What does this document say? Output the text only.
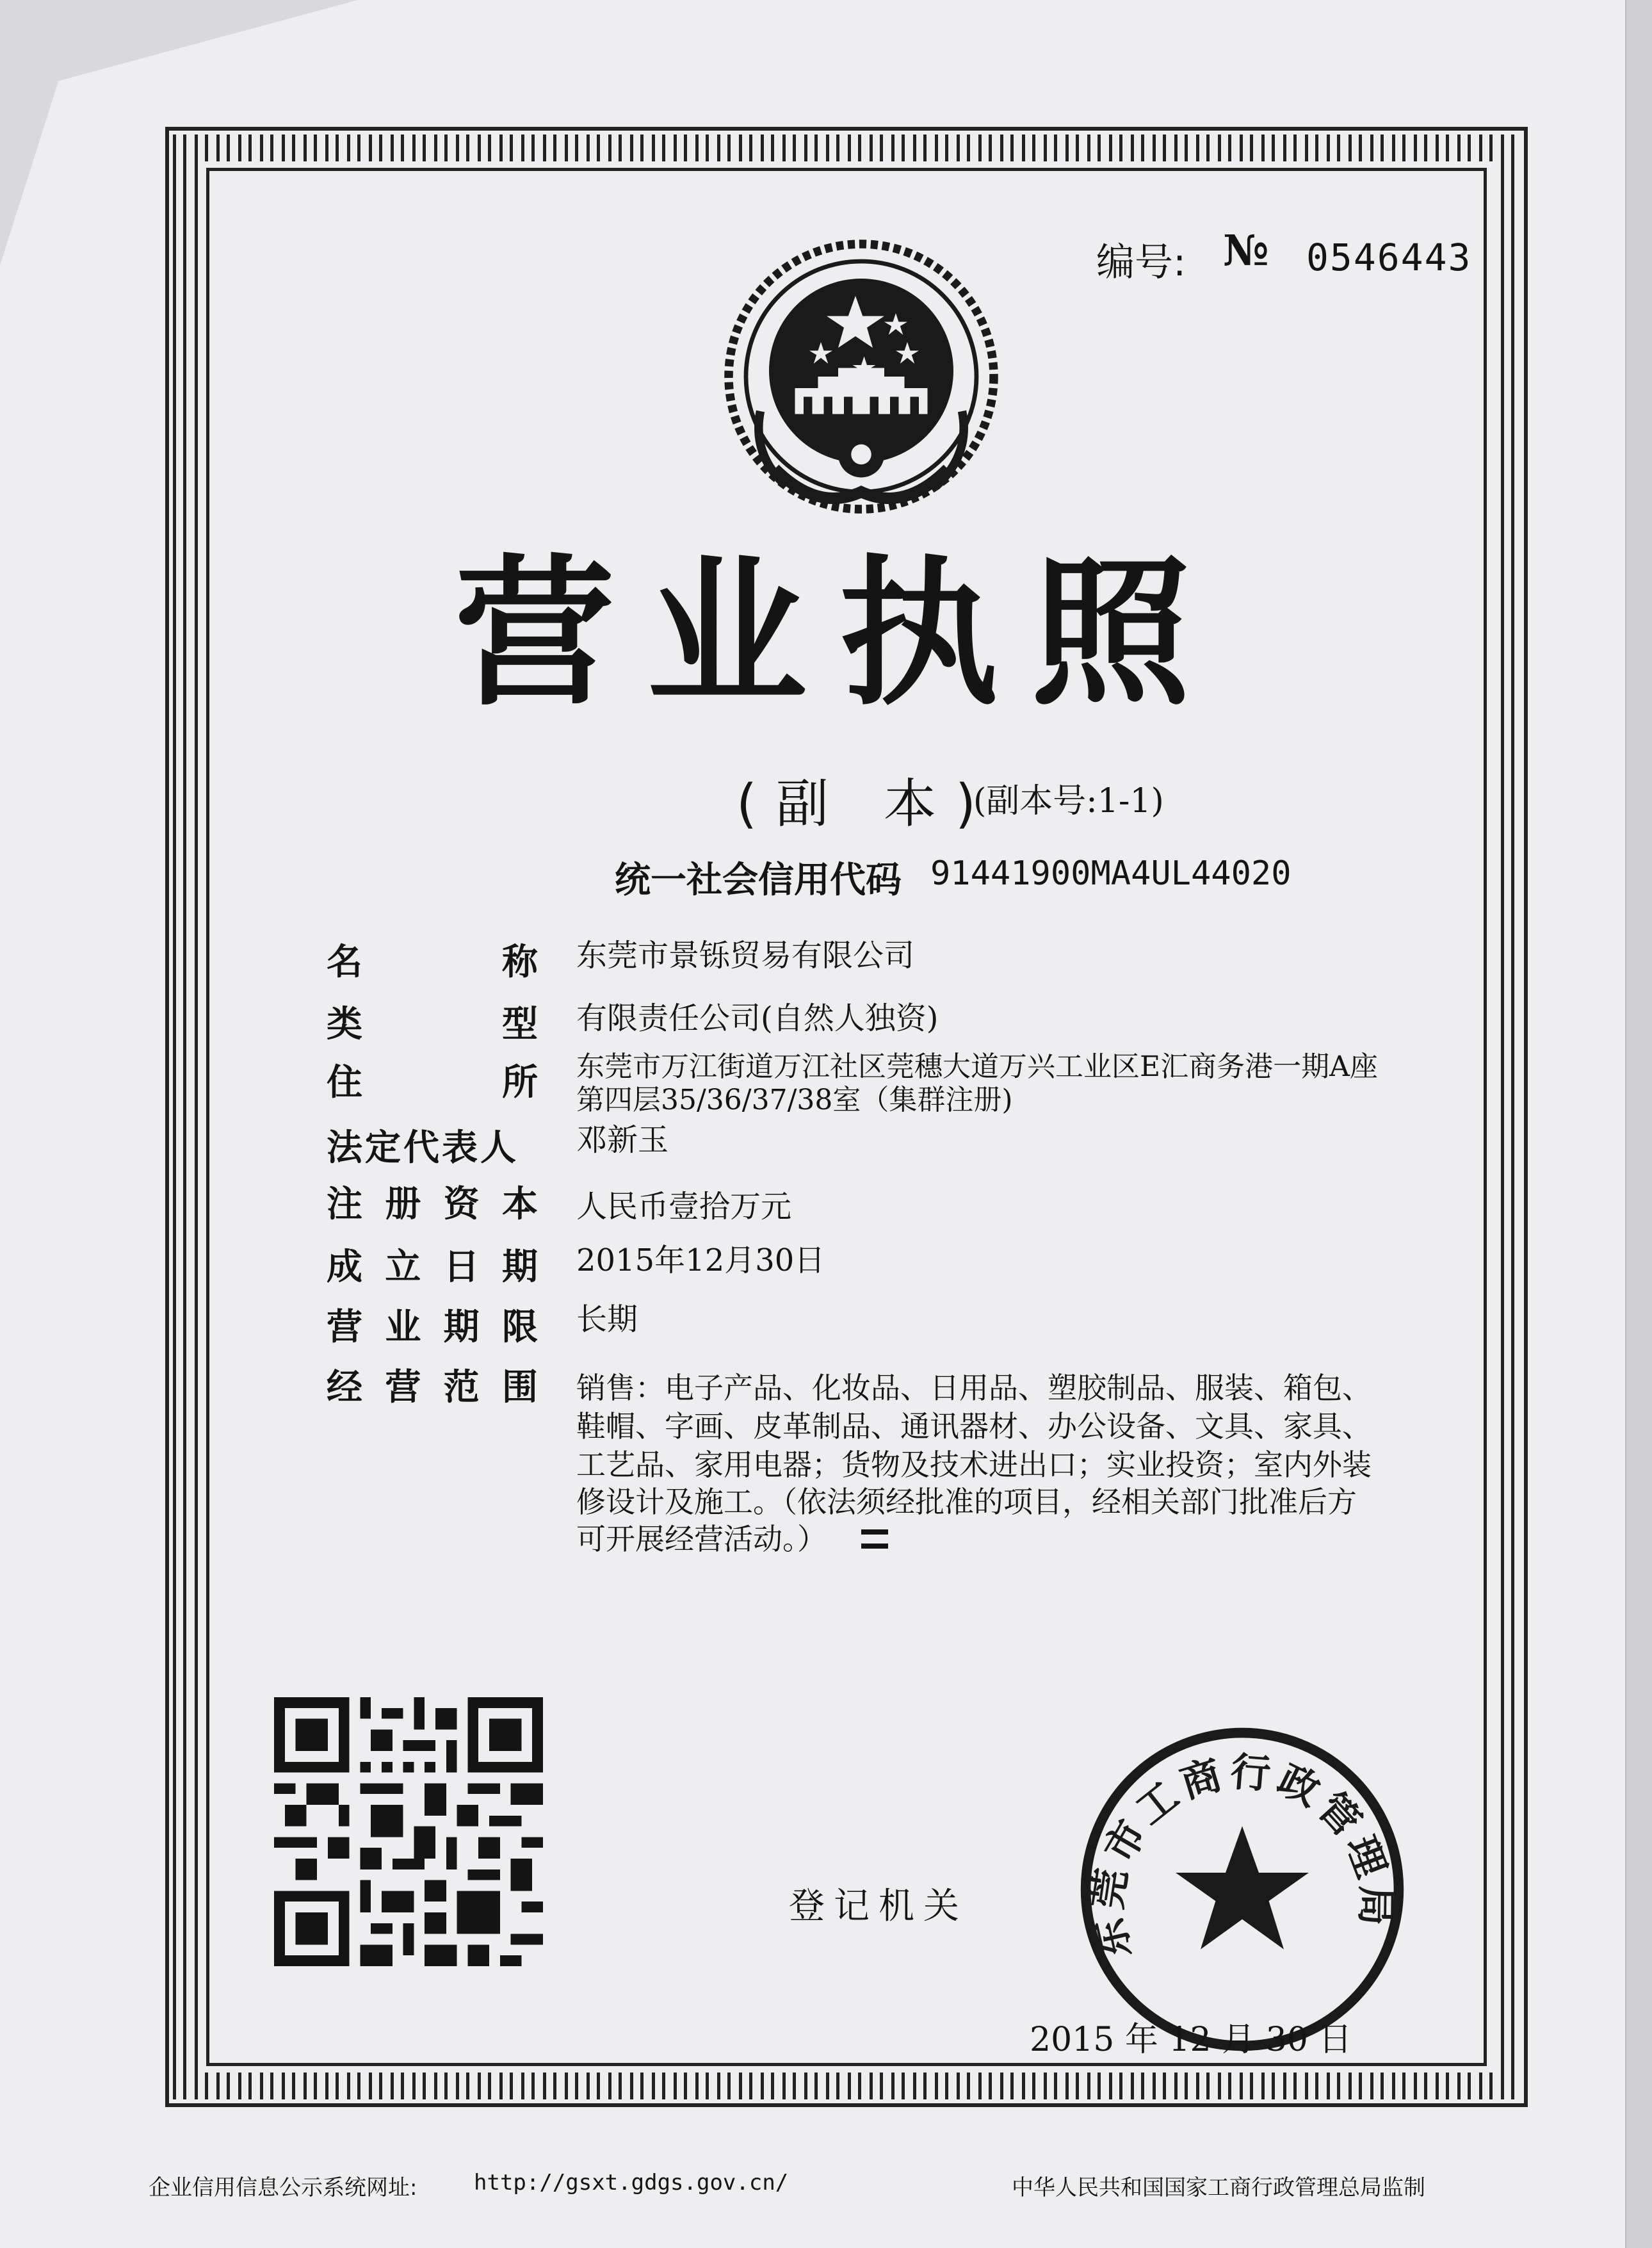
编号: № 0546443
营业执照
(副 本)
(副本号:1-1)
统一社会信用代码 91441900MA4UL44020
名	称 东莞市景铄贸易有限公司
类	型 有限责任公司(自然人独资)
住	所 东莞市万江街道万江社区莞穗大道万兴工业区E汇商务港一期A座
第四层35/36/37/38室（集群注册)
法定代表人 邓新玉
注 册 资 本 人民币壹拾万元
成 立 日 期 2015年12月30日
营 业 期 限 长期
经 营 范 围 销售：电子产品、化妆品、日用品、塑胶制品、服装、箱包、
鞋帽、字画、皮革制品、通讯器材、办公设备、文具、家具、
工艺品、家用电器；货物及技术进出口；实业投资；室内外装
修设计及施工。（依法须经批准的项目，经相关部门批准后方
可开展经营活动。）
登记机关
东莞市工商行政管理局
2015 年 12 月 30 日
企业信用信息公示系统网址:	http://gsxt.gdgs.gov.cn/	中华人民共和国国家工商行政管理总局监制
